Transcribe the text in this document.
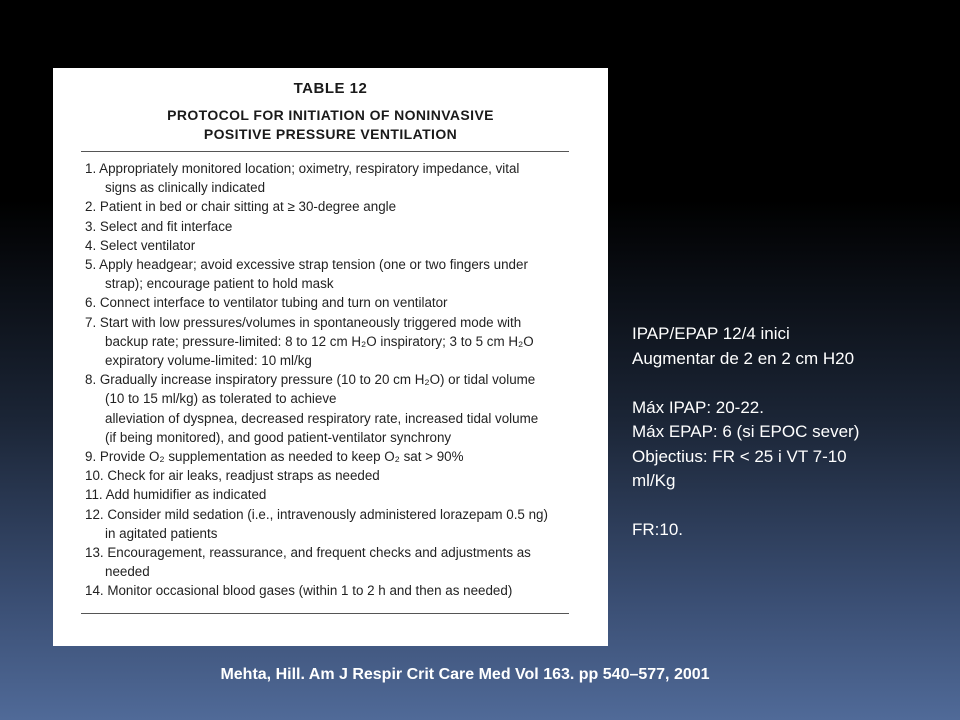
TABLE 12
PROTOCOL FOR INITIATION OF NONINVASIVE
POSITIVE PRESSURE VENTILATION
1. Appropriately monitored location; oximetry, respiratory impedance, vital
signs as clinically indicated
2. Patient in bed or chair sitting at ≥ 30-degree angle
3. Select and fit interface
4. Select ventilator
5. Apply headgear; avoid excessive strap tension (one or two fingers under
strap); encourage patient to hold mask
6. Connect interface to ventilator tubing and turn on ventilator
7. Start with low pressures/volumes in spontaneously triggered mode with
backup rate; pressure-limited: 8 to 12 cm H₂O inspiratory; 3 to 5 cm H₂O
expiratory volume-limited: 10 ml/kg
8. Gradually increase inspiratory pressure (10 to 20 cm H₂O) or tidal volume
(10 to 15 ml/kg) as tolerated to achieve
alleviation of dyspnea, decreased respiratory rate, increased tidal volume
(if being monitored), and good patient-ventilator synchrony
9. Provide O₂ supplementation as needed to keep O₂ sat > 90%
10. Check for air leaks, readjust straps as needed
11. Add humidifier as indicated
12. Consider mild sedation (i.e., intravenously administered lorazepam 0.5 ng)
in agitated patients
13. Encouragement, reassurance, and frequent checks and adjustments as
needed
14. Monitor occasional blood gases (within 1 to 2 h and then as needed)
IPAP/EPAP 12/4 inici
Augmentar de 2 en 2 cm H20
Máx IPAP: 20-22.
Máx EPAP: 6 (si EPOC sever)
Objectius: FR < 25 i VT 7-10
ml/Kg
FR:10.
Mehta, Hill. Am J Respir Crit Care Med Vol 163. pp 540–577, 2001
